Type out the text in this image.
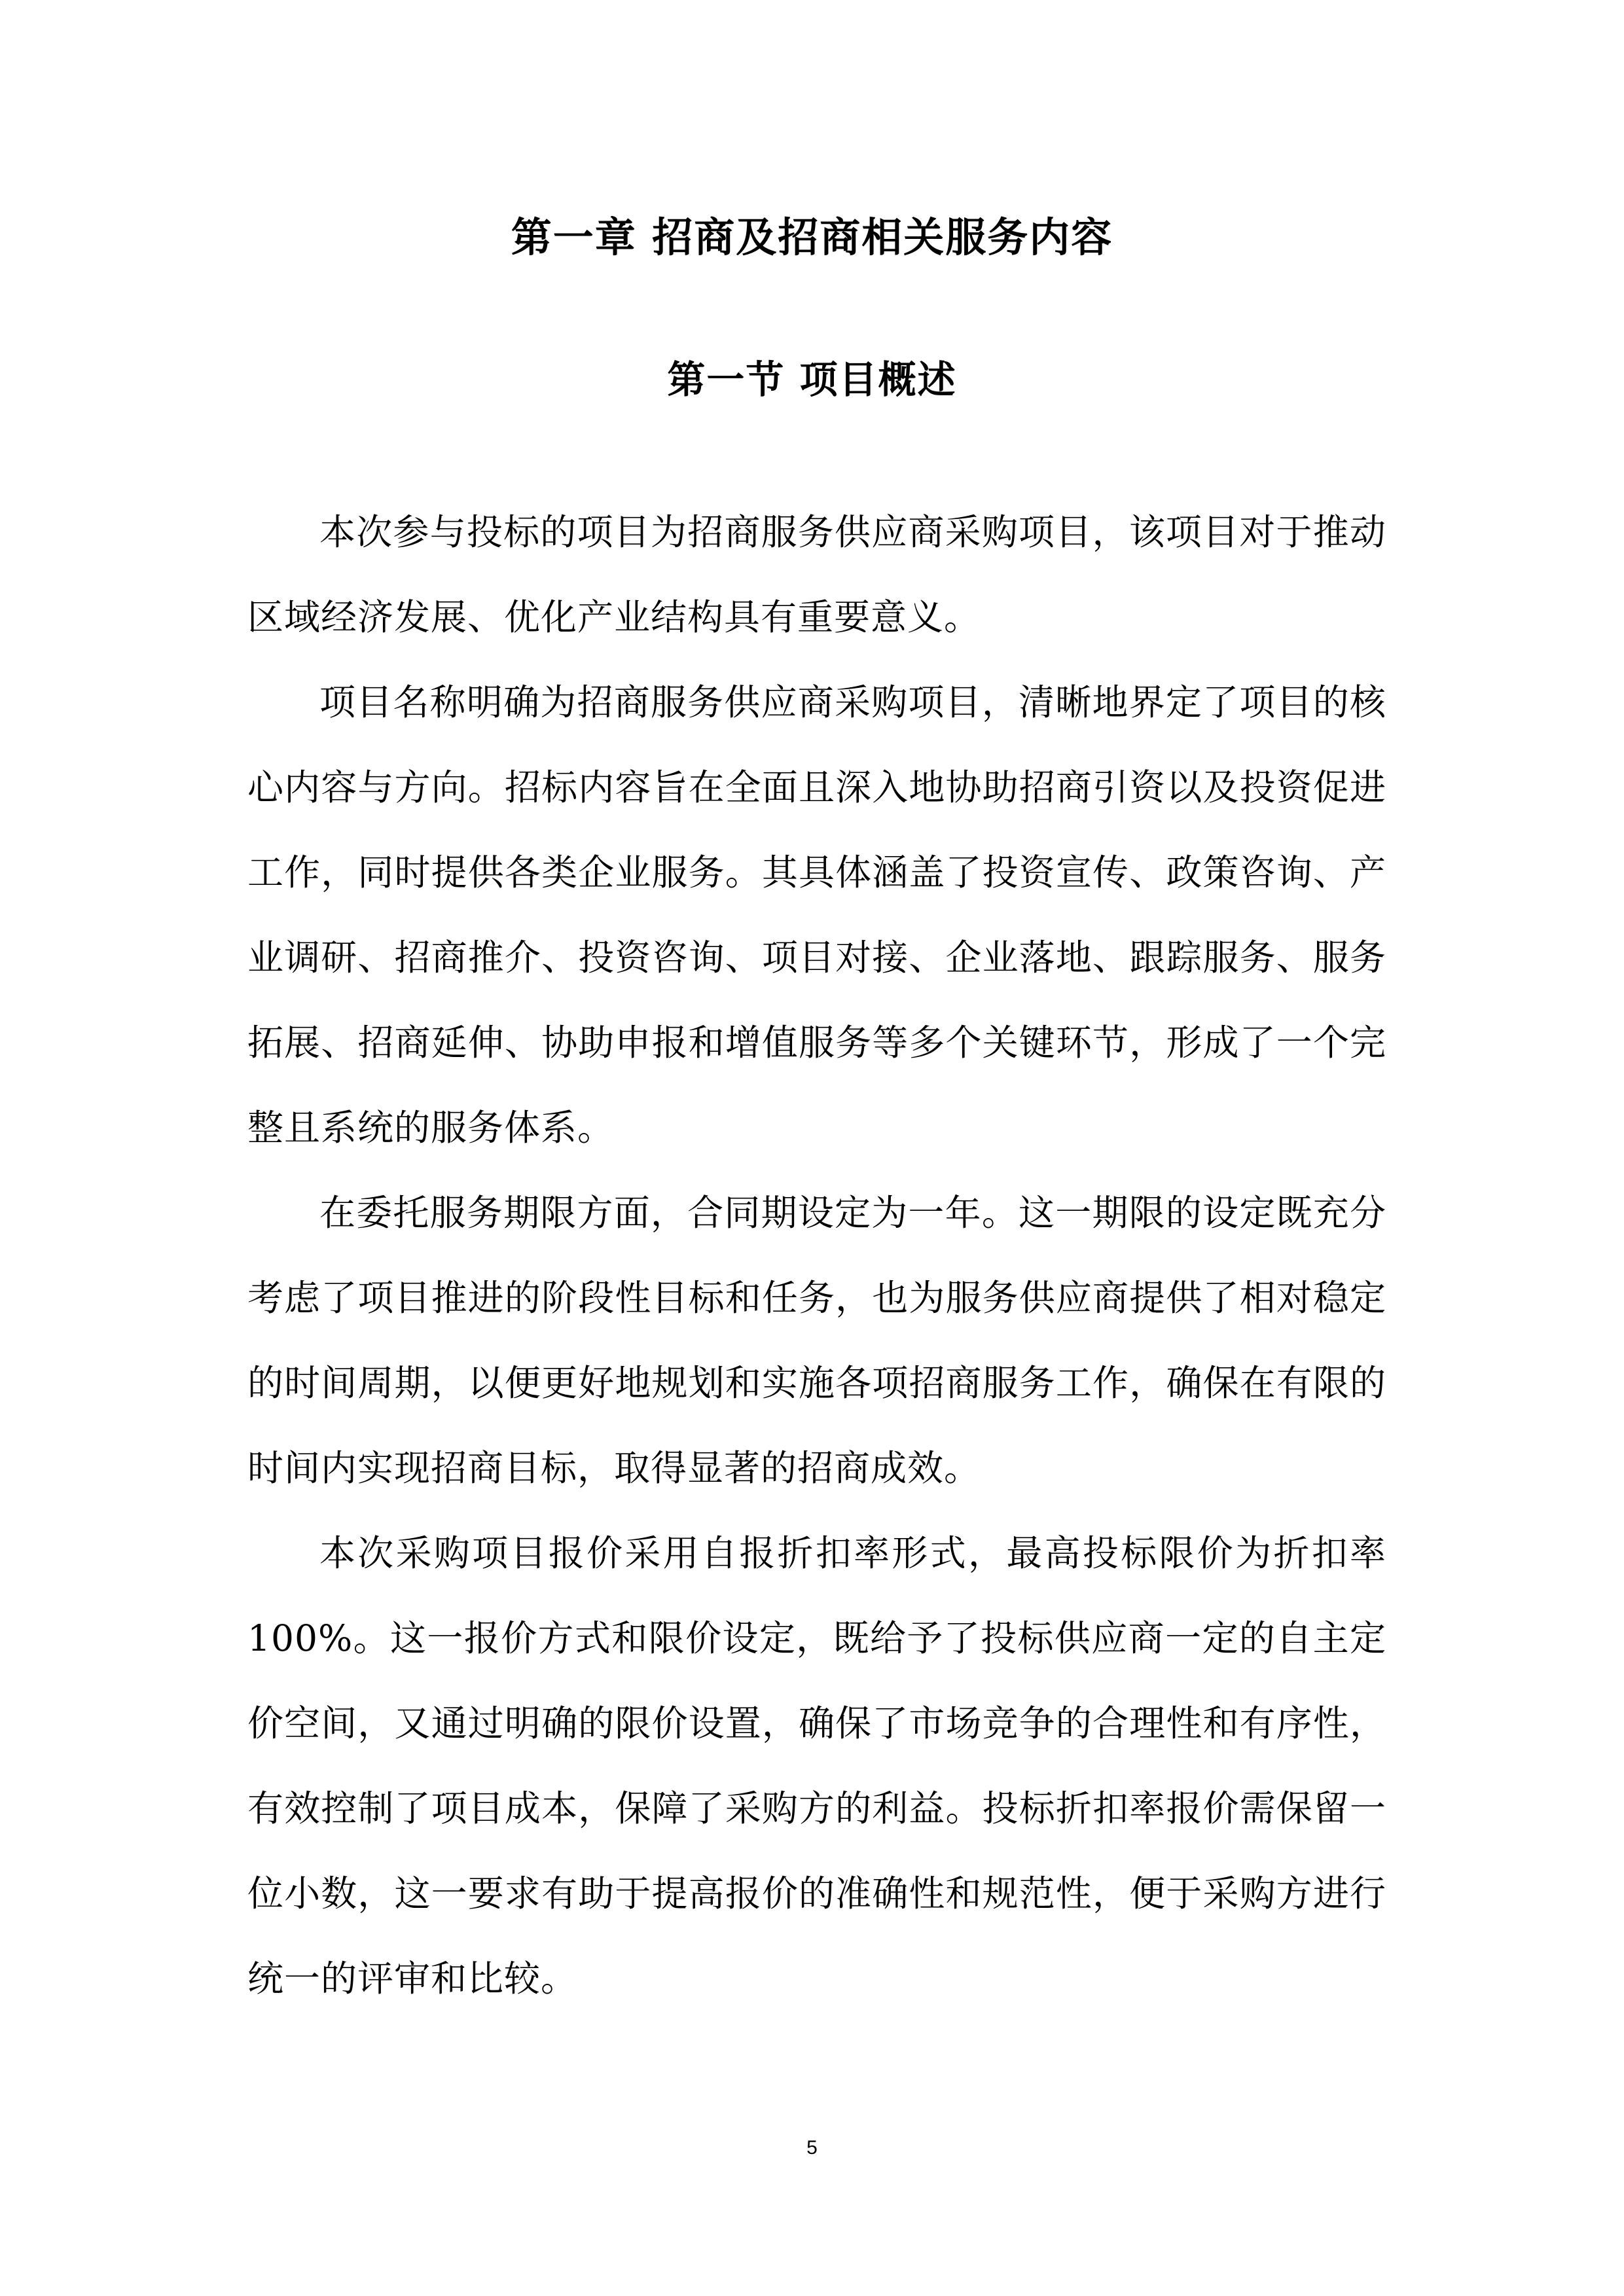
第一章 招商及招商相关服务内容
第一节 项目概述

本次参与投标的项目为招商服务供应商采购项目，该项目对于推动区域经济发展、优化产业结构具有重要意义。

项目名称明确为招商服务供应商采购项目，清晰地界定了项目的核心内容与方向。招标内容旨在全面且深入地协助招商引资以及投资促进工作，同时提供各类企业服务。其具体涵盖了投资宣传、政策咨询、产业调研、招商推介、投资咨询、项目对接、企业落地、跟踪服务、服务拓展、招商延伸、协助申报和增值服务等多个关键环节，形成了一个完整且系统的服务体系。

在委托服务期限方面，合同期设定为一年。这一期限的设定既充分考虑了项目推进的阶段性目标和任务，也为服务供应商提供了相对稳定的时间周期，以便更好地规划和实施各项招商服务工作，确保在有限的时间内实现招商目标，取得显著的招商成效。

本次采购项目报价采用自报折扣率形式，最高投标限价为折扣率100%。这一报价方式和限价设定，既给予了投标供应商一定的自主定价空间，又通过明确的限价设置，确保了市场竞争的合理性和有序性，有效控制了项目成本，保障了采购方的利益。投标折扣率报价需保留一位小数，这一要求有助于提高报价的准确性和规范性，便于采购方进行统一的评审和比较。

5
